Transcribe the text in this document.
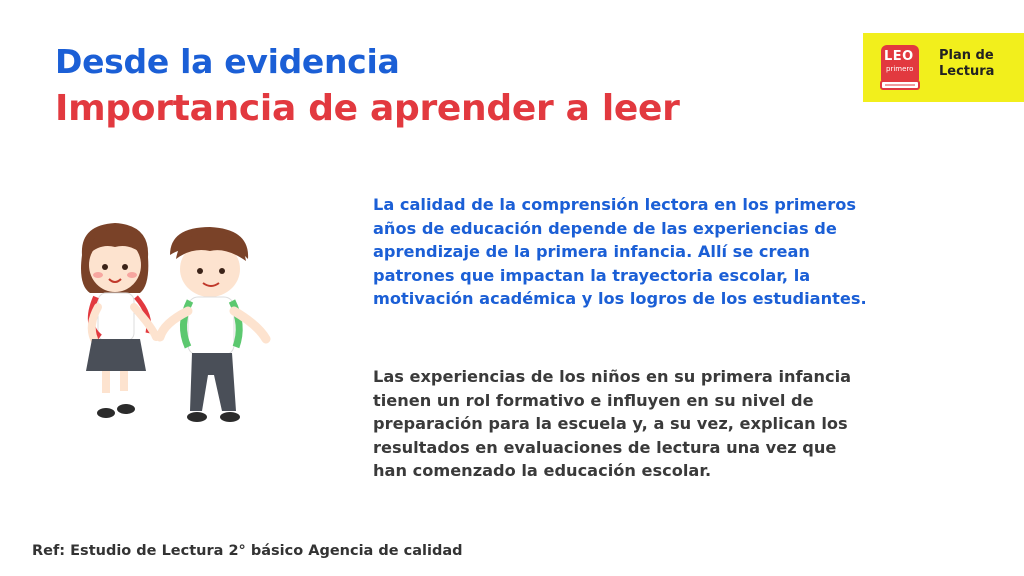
Desde la evidencia
Importancia de aprender a leer
LEO
primero
Plan de
Lectura

La calidad de la comprensión lectora en los primeros años de educación depende de las experiencias de aprendizaje de la primera infancia. Allí se crean patrones que impactan la trayectoria escolar, la motivación académica y los logros de los estudiantes.

Las experiencias de los niños en su primera infancia tienen un rol formativo e influyen en su nivel de preparación para la escuela y, a su vez, explican los resultados en evaluaciones de lectura una vez que han comenzado la educación escolar.

Ref: Estudio de Lectura 2° básico Agencia de calidad
